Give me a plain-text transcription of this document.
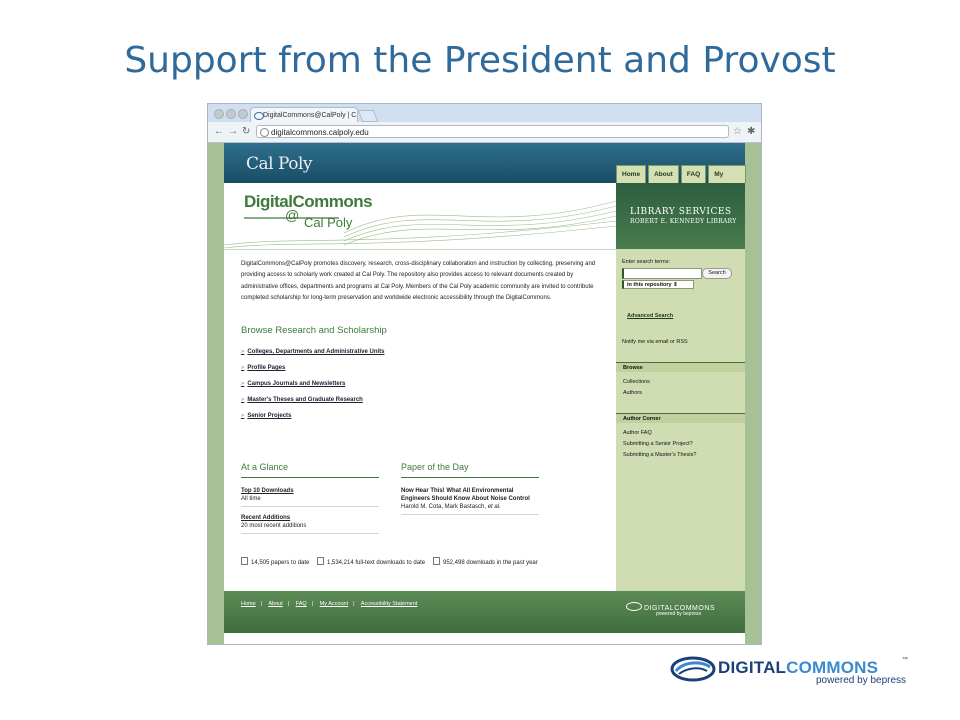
Support from the President and Provost
DigitalCommons@CalPoly | C
← → ↻	digitalcommons.calpoly.edu	☆ ✱
Cal Poly
Home	About	FAQ	My
DigitalCommons
@ Cal Poly
LIBRARY SERVICES
ROBERT E. KENNEDY LIBRARY
DigitalCommons@CalPoly promotes discovery, research, cross-disciplinary collaboration and instruction by collecting, preserving and providing access to scholarly work created at Cal Poly. The repository also provides access to relevant documents created by administrative offices, departments and programs at Cal Poly. Members of the Cal Poly academic community are invited to contribute completed scholarship for long-term preservation and worldwide electronic accessibility through the DigitalCommons.
Browse Research and Scholarship
» Colleges, Departments and Administrative Units
» Profile Pages
» Campus Journals and Newsletters
» Master's Theses and Graduate Research
» Senior Projects
At a Glance
Top 10 Downloads
All time
Recent Additions
20 most recent additions
Paper of the Day
Now Hear This! What All Environmental
Engineers Should Know About Noise Control
Harold M. Cota, Mark Bastasch, et al.
14,505 papers to date	1,534,214 full-text downloads to date	952,498 downloads in the past year
Enter search terms:
Search
in this repository ⇕
Advanced Search
Notify me via email or RSS
Browse
Collections
Authors
Author Corner
Author FAQ
Submitting a Senior Project?
Submitting a Master's Thesis?
Home | About | FAQ | My Account | Accessibility Statement
DIGITALCOMMONS
powered by bepress
DIGITALCOMMONS	™
powered by bepress
